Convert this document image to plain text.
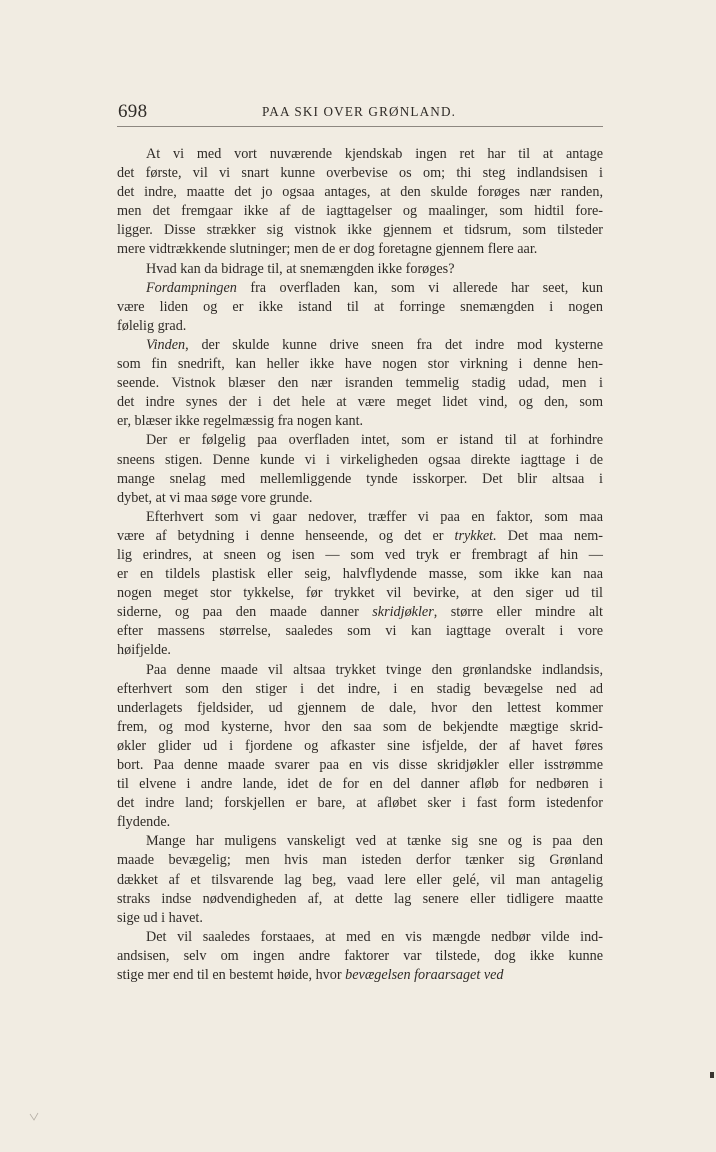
698	PAA SKI OVER GRØNLAND.
At vi med vort nuværende kjendskab ingen ret har til at antage
det første, vil vi snart kunne overbevise os om; thi steg indlandsisen i
det indre, maatte det jo ogsaa antages, at den skulde forøges nær randen,
men det fremgaar ikke af de iagttagelser og maalinger, som hidtil fore-
ligger. Disse strækker sig vistnok ikke gjennem et tidsrum, som tilsteder
mere vidtrækkende slutninger; men de er dog foretagne gjennem flere aar.
Hvad kan da bidrage til, at snemængden ikke forøges?
Fordampningen fra overfladen kan, som vi allerede har seet, kun
være liden og er ikke istand til at forringe snemængden i nogen
følelig grad.
Vinden, der skulde kunne drive sneen fra det indre mod kysterne
som fin snedrift, kan heller ikke have nogen stor virkning i denne hen-
seende. Vistnok blæser den nær isranden temmelig stadig udad, men i
det indre synes der i det hele at være meget lidet vind, og den, som
er, blæser ikke regelmæssig fra nogen kant.
Der er følgelig paa overfladen intet, som er istand til at forhindre
sneens stigen. Denne kunde vi i virkeligheden ogsaa direkte iagttage i de
mange snelag med mellemliggende tynde isskorper. Det blir altsaa i
dybet, at vi maa søge vore grunde.
Efterhvert som vi gaar nedover, træffer vi paa en faktor, som maa
være af betydning i denne henseende, og det er trykket. Det maa nem-
lig erindres, at sneen og isen — som ved tryk er frembragt af hin —
er en tildels plastisk eller seig, halvflydende masse, som ikke kan naa
nogen meget stor tykkelse, før trykket vil bevirke, at den siger ud til
siderne, og paa den maade danner skridjøkler, større eller mindre alt
efter massens størrelse, saaledes som vi kan iagttage overalt i vore
høifjelde.
Paa denne maade vil altsaa trykket tvinge den grønlandske indlandsis,
efterhvert som den stiger i det indre, i en stadig bevægelse ned ad
underlagets fjeldsider, ud gjennem de dale, hvor den lettest kommer
frem, og mod kysterne, hvor den saa som de bekjendte mægtige skrid-
økler glider ud i fjordene og afkaster sine isfjelde, der af havet føres
bort. Paa denne maade svarer paa en vis disse skridjøkler eller isstrømme
til elvene i andre lande, idet de for en del danner afløb for nedbøren i
det indre land; forskjellen er bare, at afløbet sker i fast form istedenfor
flydende.
Mange har muligens vanskeligt ved at tænke sig sne og is paa den
maade bevægelig; men hvis man isteden derfor tænker sig Grønland
dækket af et tilsvarende lag beg, vaad lere eller gelé, vil man antagelig
straks indse nødvendigheden af, at dette lag senere eller tidligere maatte
sige ud i havet.
Det vil saaledes forstaaes, at med en vis mængde nedbør vilde ind-
andsisen, selv om ingen andre faktorer var tilstede, dog ikke kunne
stige mer end til en bestemt høide, hvor bevægelsen foraarsaget ved
